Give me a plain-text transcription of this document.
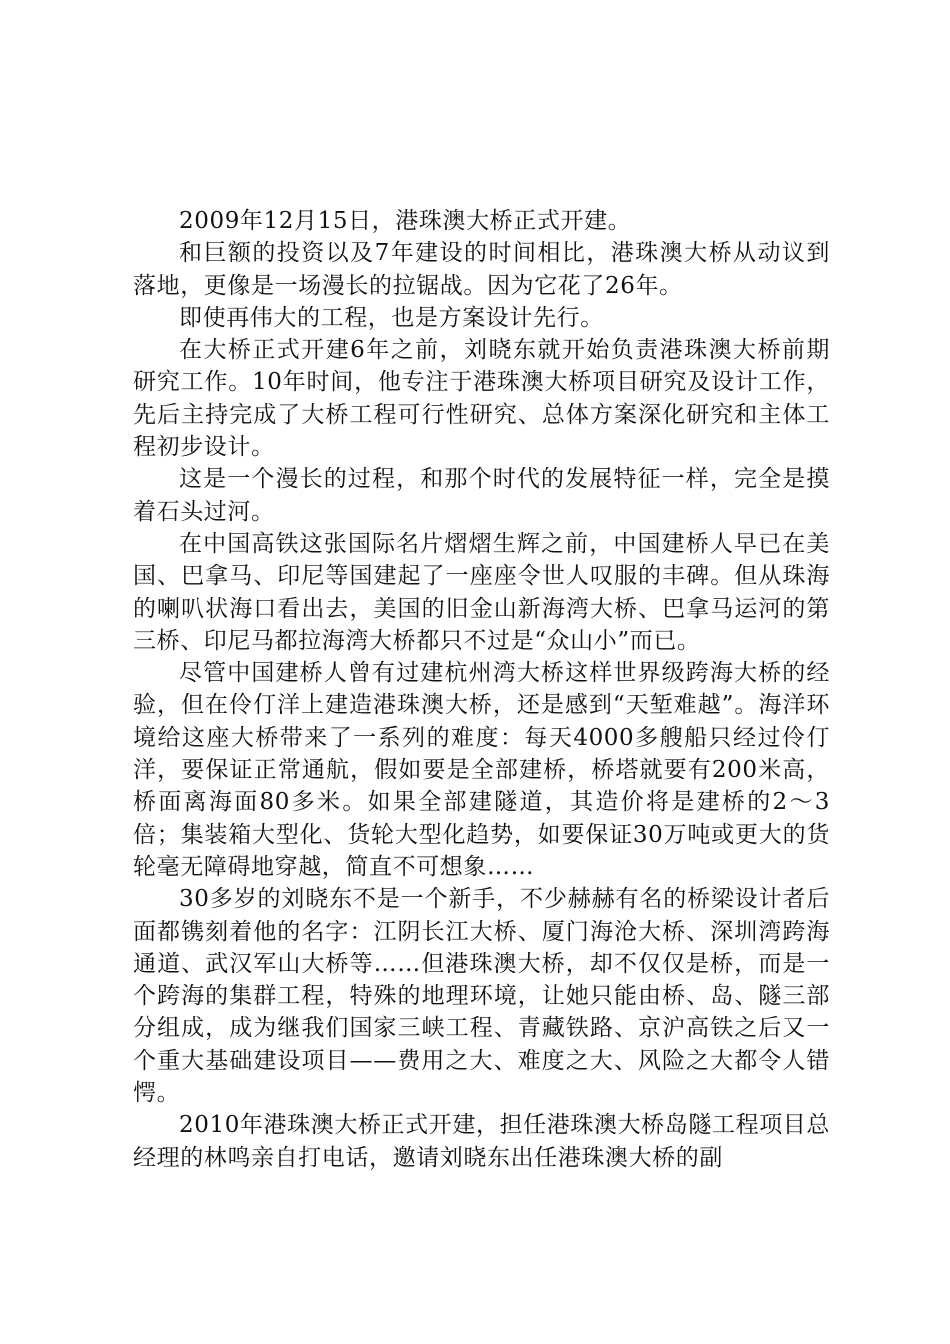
2009年12月15日，港珠澳大桥正式开建。

和巨额的投资以及7年建设的时间相比，港珠澳大桥从动议到落地，更像是一场漫长的拉锯战。因为它花了26年。

即使再伟大的工程，也是方案设计先行。

在大桥正式开建6年之前，刘晓东就开始负责港珠澳大桥前期研究工作。10年时间，他专注于港珠澳大桥项目研究及设计工作，先后主持完成了大桥工程可行性研究、总体方案深化研究和主体工程初步设计。

这是一个漫长的过程，和那个时代的发展特征一样，完全是摸着石头过河。

在中国高铁这张国际名片熠熠生辉之前，中国建桥人早已在美国、巴拿马、印尼等国建起了一座座令世人叹服的丰碑。但从珠海的喇叭状海口看出去，美国的旧金山新海湾大桥、巴拿马运河的第三桥、印尼马都拉海湾大桥都只不过是“众山小”而已。

尽管中国建桥人曾有过建杭州湾大桥这样世界级跨海大桥的经验，但在伶仃洋上建造港珠澳大桥，还是感到“天堑难越”。海洋环境给这座大桥带来了一系列的难度：每天4000多艘船只经过伶仃洋，要保证正常通航，假如要是全部建桥，桥塔就要有200米高，桥面离海面80多米。如果全部建隧道，其造价将是建桥的2～3倍；集装箱大型化、货轮大型化趋势，如要保证30万吨或更大的货轮毫无障碍地穿越，简直不可想象……

30多岁的刘晓东不是一个新手，不少赫赫有名的桥梁设计者后面都镌刻着他的名字：江阴长江大桥、厦门海沧大桥、深圳湾跨海通道、武汉军山大桥等……但港珠澳大桥，却不仅仅是桥，而是一个跨海的集群工程，特殊的地理环境，让她只能由桥、岛、隧三部分组成，成为继我们国家三峡工程、青藏铁路、京沪高铁之后又一个重大基础建设项目——费用之大、难度之大、风险之大都令人错愕。

2010年港珠澳大桥正式开建，担任港珠澳大桥岛隧工程项目总经理的林鸣亲自打电话，邀请刘晓东出任港珠澳大桥的副
